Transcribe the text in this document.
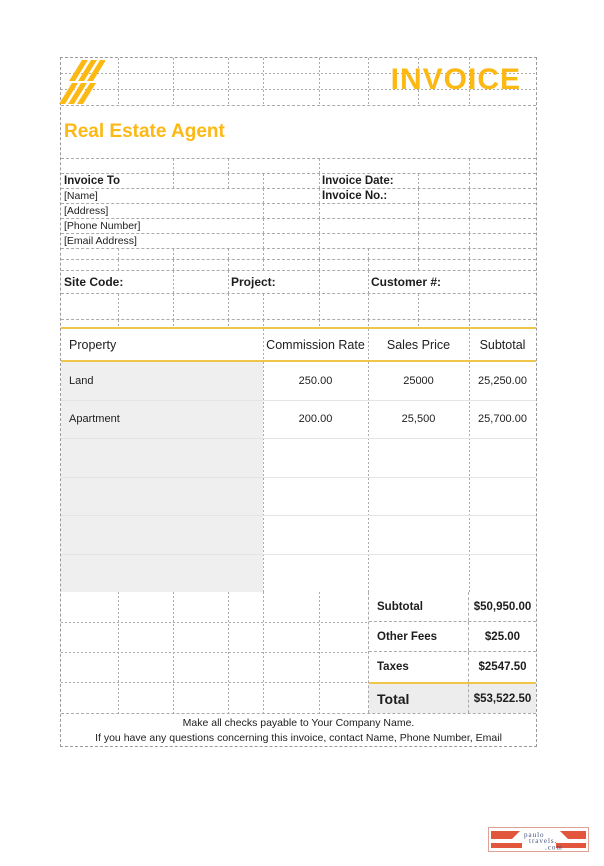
INVOICE
Real Estate Agent
Invoice To	Invoice Date:
[Name]	Invoice No.:
[Address]
[Phone Number]
[Email Address]
Site Code:	Project:	Customer #:
Property	Commission Rate	Sales Price	Subtotal
Land	250.00	25000	25,250.00
Apartment	200.00	25,500	25,700.00
Subtotal	$50,950.00
Other Fees	$25.00
Taxes	$2547.50
Total	$53,522.50
Make all checks payable to Your Company Name.
If you have any questions concerning this invoice, contact Name, Phone Number, Email
paulo
travels.
.com
